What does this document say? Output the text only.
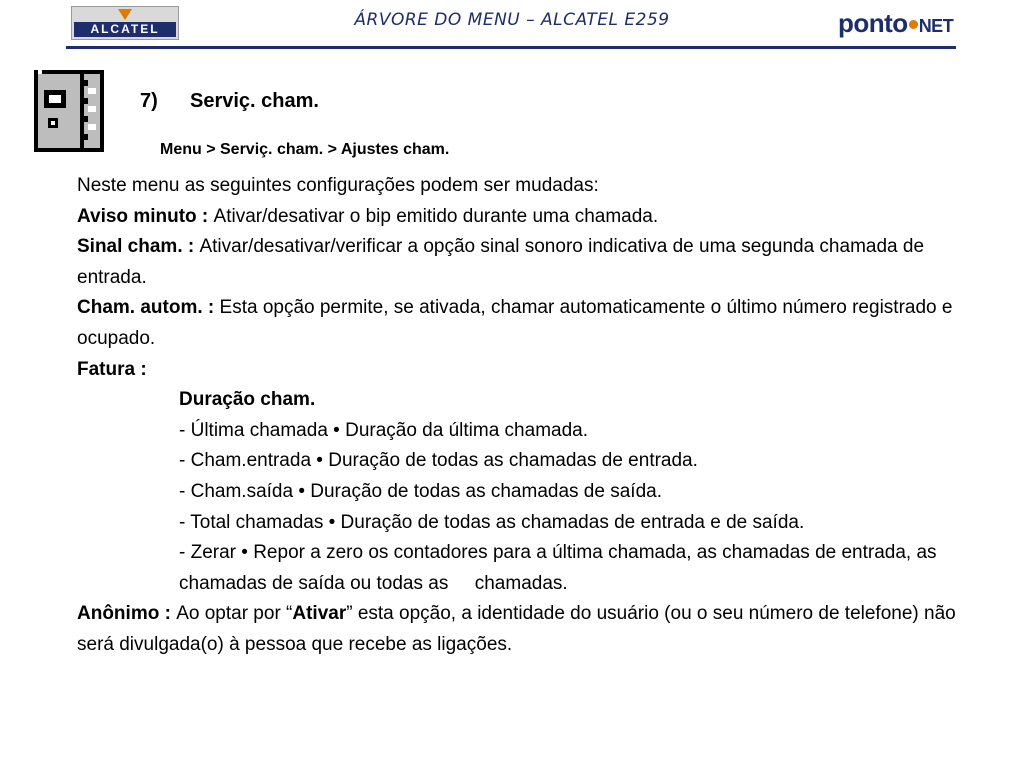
ALCATEL	ÁRVORE DO MENU – ALCATEL E259	ponto NET
7) Serviç. cham.
Menu > Serviç. cham. > Ajustes cham.

Neste menu as seguintes configurações podem ser mudadas:

Aviso minuto : Ativar/desativar o bip emitido durante uma chamada.

Sinal cham. : Ativar/desativar/verificar a opção sinal sonoro indicativa de uma segunda chamada de entrada.

Cham. autom. : Esta opção permite, se ativada, chamar automaticamente o último número registrado e ocupado.

Fatura :

Duração cham.

- Última chamada • Duração da última chamada.

- Cham.entrada • Duração de todas as chamadas de entrada.

- Cham.saída • Duração de todas as chamadas de saída.

- Total chamadas • Duração de todas as chamadas de entrada e de saída.

- Zerar • Repor a zero os contadores para a última chamada, as chamadas de entrada, as chamadas de saída ou todas as     chamadas.

Anônimo : Ao optar por “Ativar” esta opção, a identidade do usuário (ou o seu número de telefone) não será divulgada(o) à pessoa que recebe as ligações.
